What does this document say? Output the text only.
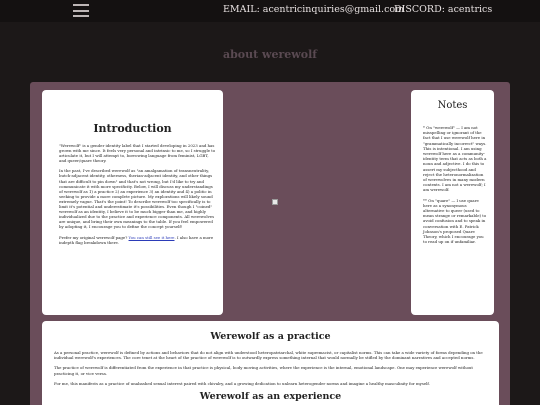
EMAIL: acentricinquiries@gmail.com
DISCORD: acentrics
about werewolf
Introduction

"Werewolf" is a gender identity label that I started developing in 2023 and has grown with me since. It feels very personal and intrinsic to me, so I struggle to articulate it, but I will attempt to, borrowing language from feminist, LGBT, and queer/quare theory.

In the past, I've described werewolf as "an amalgamation of transneutrality, butch-adjacent identity, otherness, therian-adjacent identity, and other things that are difficult to pin down" and that's not wrong, but I'd like to try and communicate it with more specificity. Below, I will discuss my understandings of werewolf as 1) a practice 2) an experience 3) an identity and 4) a politic in seeking to provide a more complete picture. My explorations will likely sound extremely vague. That's the point! To describe werewolf too specifically is to limit it's potential and underestimate it's possibilities. Even though I "coined" werewolf as an identity, I believe it to be much bigger than me, and highly individualized due to the practice and experience components. All werewolves are unique, and bring their own meanings to the table. If you feel empowered by adopting it, I encourage you to define the concept yourself!

Prefer my original werewolf page? You can still see it here. I also have a more indepth flag breakdown there.

Notes

* On "werewolf" — I am not misspelling or ignorant of the fact that I use werewolf here in "grammatically incorrect" ways. This is intentional. I am using werewolf here as a community-identity term that acts as both a noun and adjective. I do this to assert my subjecthood and reject the heteronormalization of werewolves in many modern contexts. I am not a werewolf; I am werewolf.

** On "quare" — I use quare here as a synonymous alternative to queer (used to mean strange or remarkable) to avoid confusion and to speak in conversation with E. Patrick Johnson's proposed Quare Theory, which I encourage you to read up on if unfamiliar.

Werewolf as a practice

As a personal practice, werewolf is defined by actions and behaviors that do not align with understood heteropatriarchal, white supremacist, or capitalist norms. This can take a wide variety of forms depending on the individual werewolf's experiences. The core tenet at the heart of the practice of werewolf is to outwardly express something internal that would normally be stifled by the dominant narratives and accepted norms.

The practice of werewolf is differentiated from the experience in that practice is physical, body moving activities, where the experience is the internal, emotional landscape. One may experience werewolf without practicing it, or vice versa.

For me, this manifests as a practice of unabashed sexual interest paired with chivalry, and a growing dedication to unlearn heterogender norms and imagine a healthy masculinity for myself.

Werewolf as an experience
